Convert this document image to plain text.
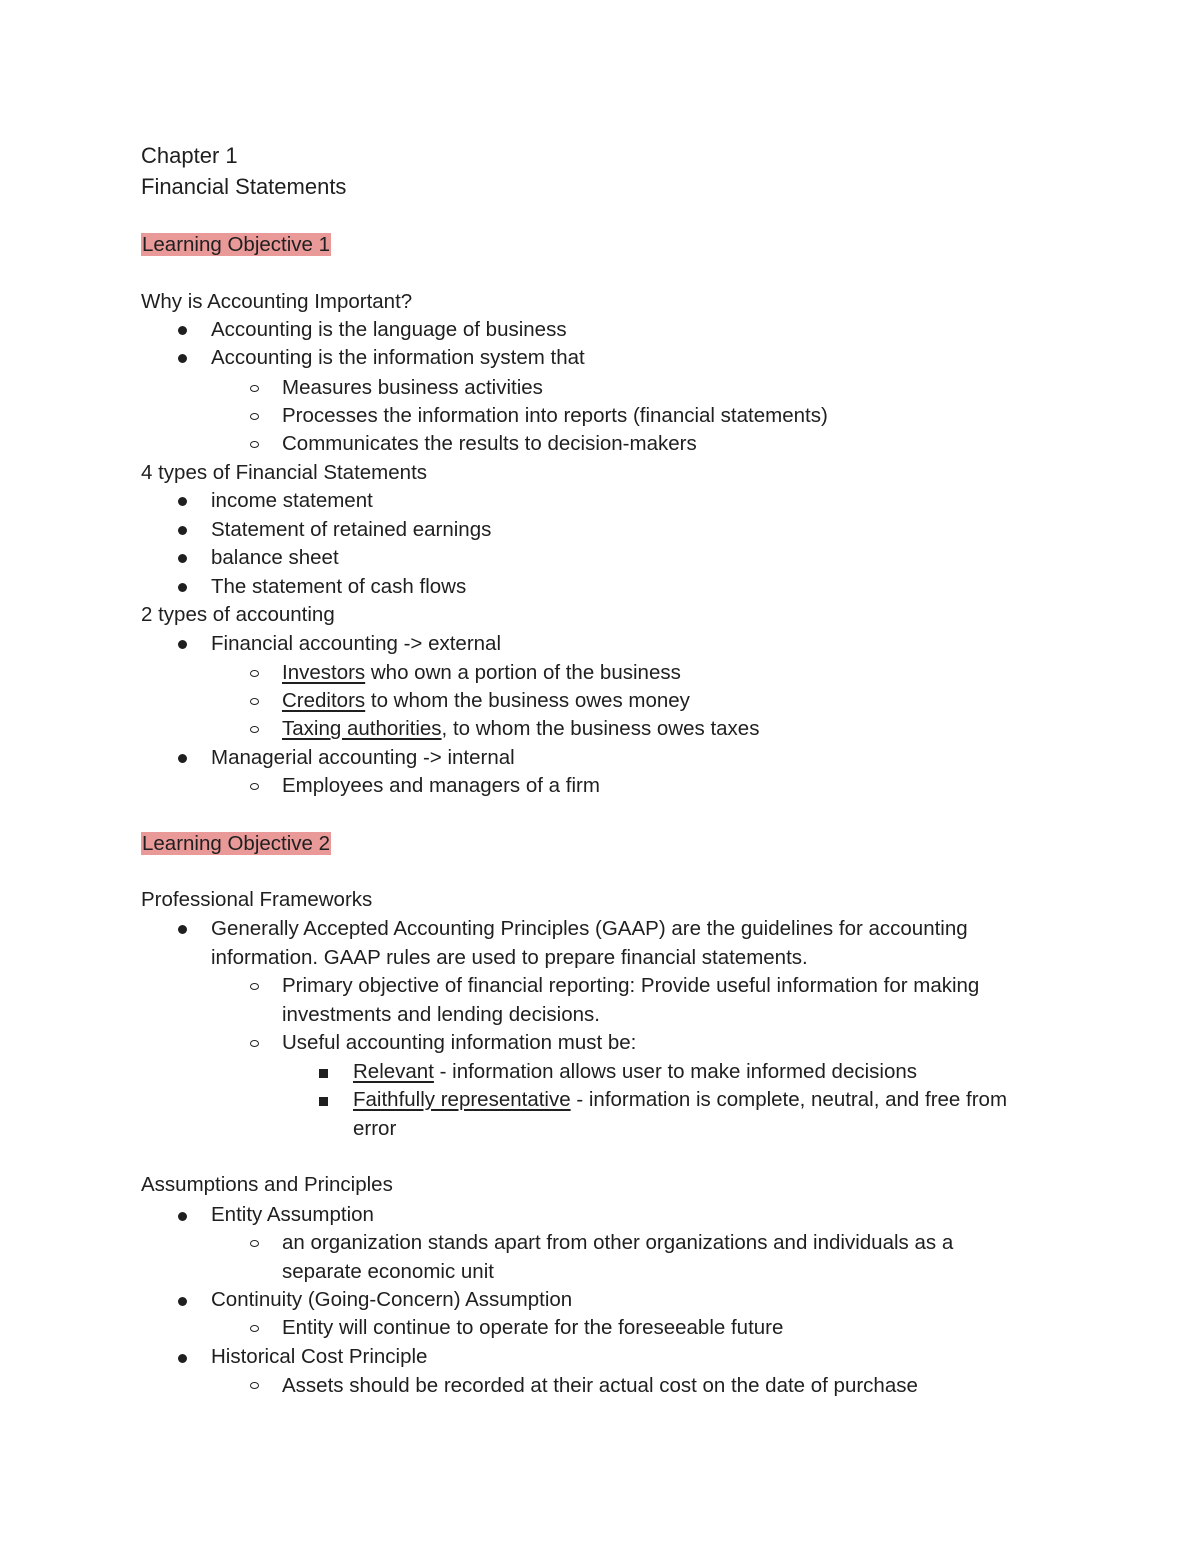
Chapter 1
Financial Statements
Learning Objective 1
Why is Accounting Important?
Accounting is the language of business
Accounting is the information system that
Measures business activities
Processes the information into reports (financial statements)
Communicates the results to decision-makers
4 types of Financial Statements
income statement
Statement of retained earnings
balance sheet
The statement of cash flows
2 types of accounting
Financial accounting -> external
Investors who own a portion of the business
Creditors to whom the business owes money
Taxing authorities, to whom the business owes taxes
Managerial accounting -> internal
Employees and managers of a firm
Learning Objective 2
Professional Frameworks
Generally Accepted Accounting Principles (GAAP) are the guidelines for accounting
information. GAAP rules are used to prepare financial statements.
Primary objective of financial reporting: Provide useful information for making
investments and lending decisions.
Useful accounting information must be:
Relevant - information allows user to make informed decisions
Faithfully representative - information is complete, neutral, and free from
error
Assumptions and Principles
Entity Assumption
an organization stands apart from other organizations and individuals as a
separate economic unit
Continuity (Going-Concern) Assumption
Entity will continue to operate for the foreseeable future
Historical Cost Principle
Assets should be recorded at their actual cost on the date of purchase
